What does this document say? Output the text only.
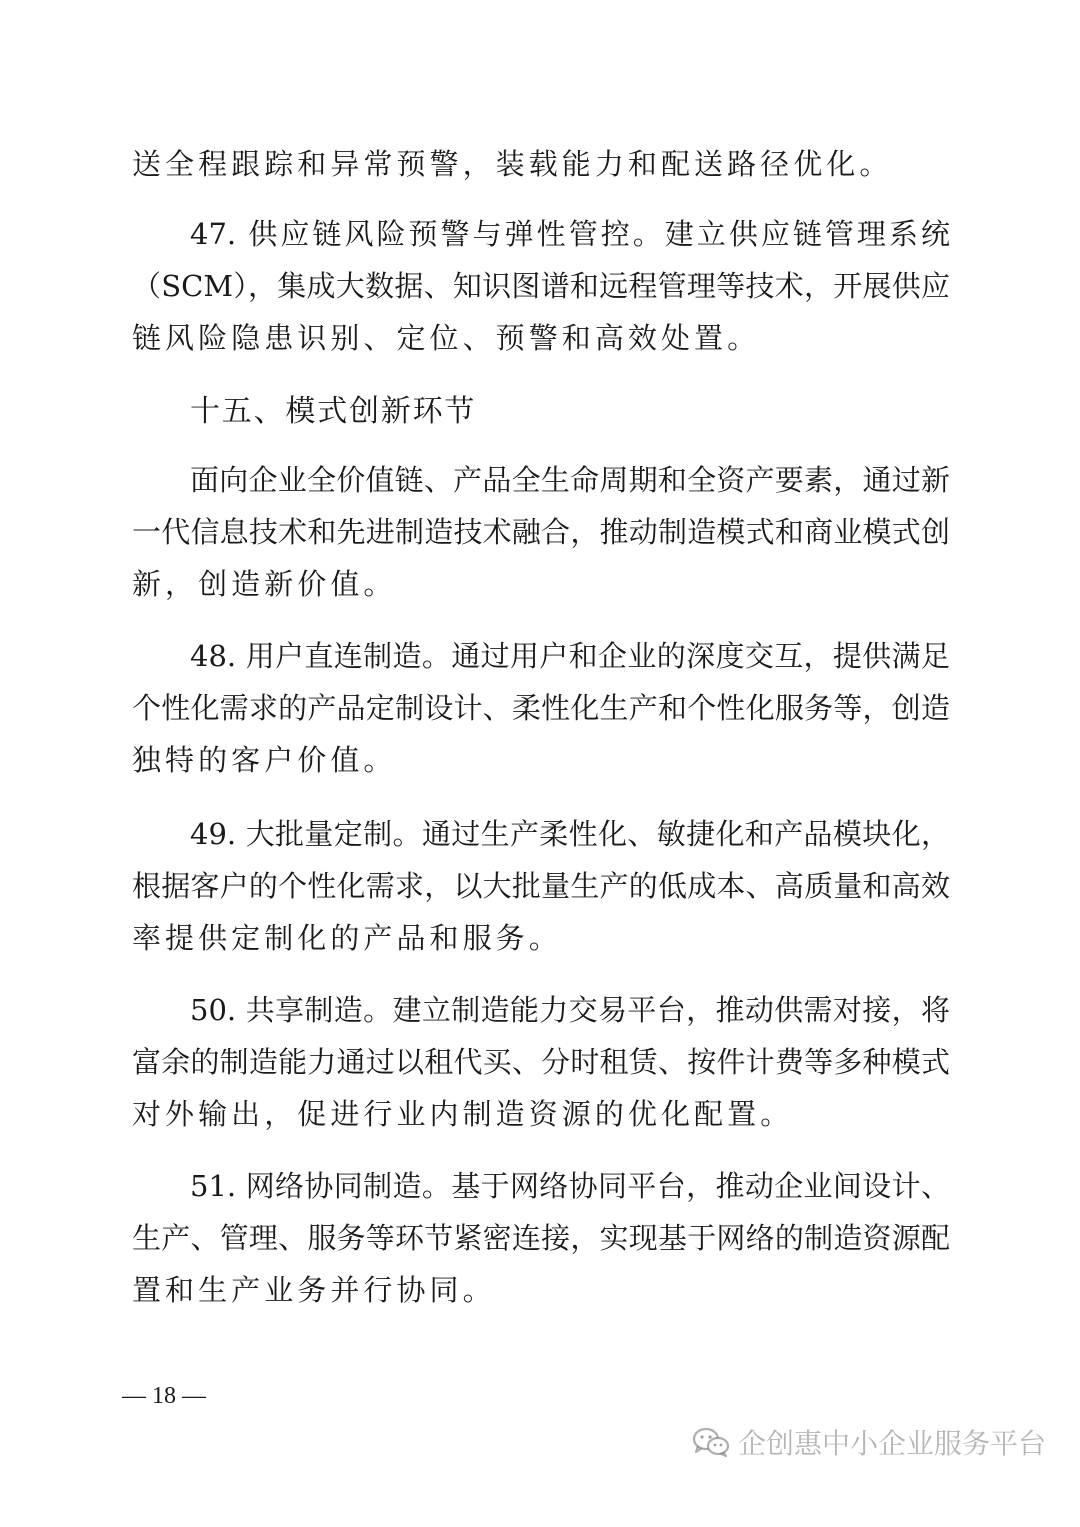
送全程跟踪和异常预警，装载能力和配送路径优化。
47. 供应链风险预警与弹性管控。建立供应链管理系统
（SCM），集成大数据、知识图谱和远程管理等技术，开展供应
链风险隐患识别、定位、预警和高效处置。
十五、模式创新环节
面向企业全价值链、产品全生命周期和全资产要素，通过新
一代信息技术和先进制造技术融合，推动制造模式和商业模式创
新，创造新价值。
48. 用户直连制造。通过用户和企业的深度交互，提供满足
个性化需求的产品定制设计、柔性化生产和个性化服务等，创造
独特的客户价值。
49. 大批量定制。通过生产柔性化、敏捷化和产品模块化，
根据客户的个性化需求，以大批量生产的低成本、高质量和高效
率提供定制化的产品和服务。
50. 共享制造。建立制造能力交易平台，推动供需对接，将
富余的制造能力通过以租代买、分时租赁、按件计费等多种模式
对外输出，促进行业内制造资源的优化配置。
51. 网络协同制造。基于网络协同平台，推动企业间设计、
生产、管理、服务等环节紧密连接，实现基于网络的制造资源配
置和生产业务并行协同。
— 18 —
企创惠中小企业服务平台
